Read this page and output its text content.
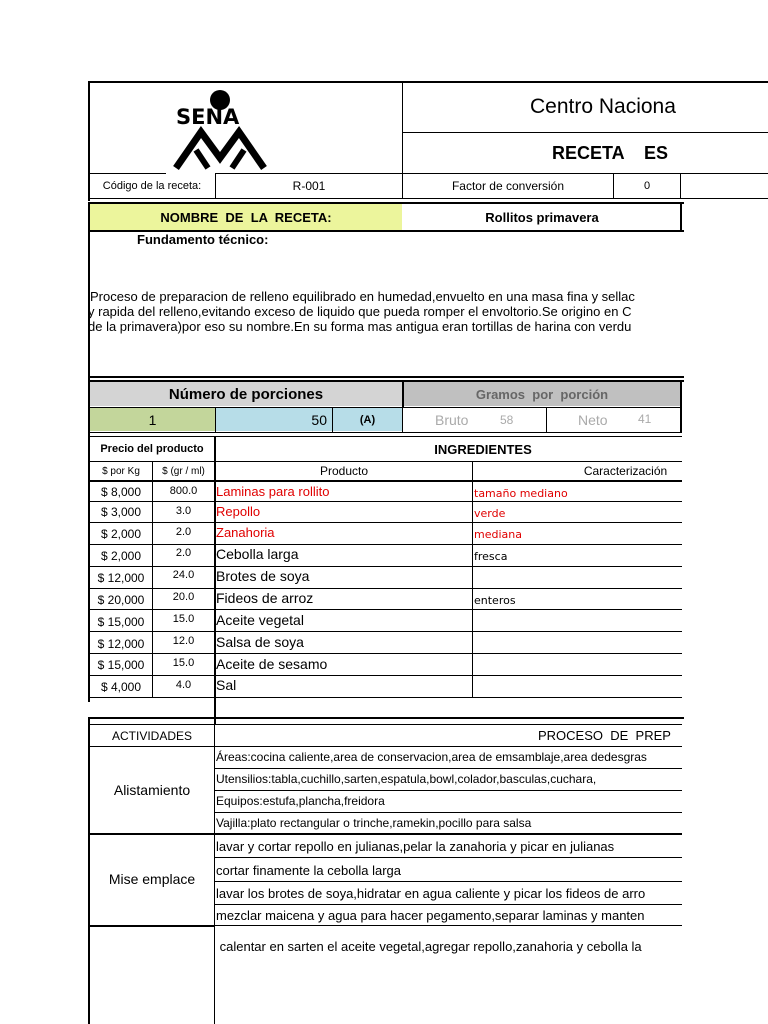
SENA	Centro Naciona
RECETA    ES
Código de la receta:	R-001	Factor de conversión	0
NOMBRE  DE  LA  RECETA:	Rollitos primavera
Fundamento técnico:
Proceso de preparacion de relleno equilibrado en humedad,envuelto en una masa fina y sellac
y rapida del relleno,evitando exceso de liquido que pueda romper el envoltorio.Se origino en C
de la primavera)por eso su nombre.En su forma mas antigua eran tortillas de harina con verdu
Número de porciones	Gramos  por  porción
1	50	(A)	Bruto	58	Neto	41
Precio del producto	INGREDIENTES
$ por Kg	$ (gr / ml)	Producto	Caracterización
$ 8,000	800.0	Laminas para rollito	tamaño mediano
$ 3,000	3.0	Repollo	verde
$ 2,000	2.0	Zanahoria	mediana
$ 2,000	2.0	Cebolla larga	fresca
$ 12,000	24.0	Brotes de soya
$ 20,000	20.0	Fideos de arroz	enteros
$ 15,000	15.0	Aceite vegetal
$ 12,000	12.0	Salsa de soya
$ 15,000	15.0	Aceite de sesamo
$ 4,000	4.0	Sal
ACTIVIDADES	PROCESO  DE  PREP
Alistamiento
Áreas:cocina caliente,area de conservacion,area de emsamblaje,area dedesgras
Utensilios:tabla,cuchillo,sarten,espatula,bowl,colador,basculas,cuchara,
Equipos:estufa,plancha,freidora
Vajilla:plato rectangular o trinche,ramekin,pocillo para salsa
Mise emplace
lavar y cortar repollo en julianas,pelar la zanahoria y picar en julianas
cortar finamente la cebolla larga
lavar los brotes de soya,hidratar en agua caliente y picar los fideos de arro
mezclar maicena y agua para hacer pegamento,separar laminas y manten
calentar en sarten el aceite vegetal,agregar repollo,zanahoria y cebolla la
